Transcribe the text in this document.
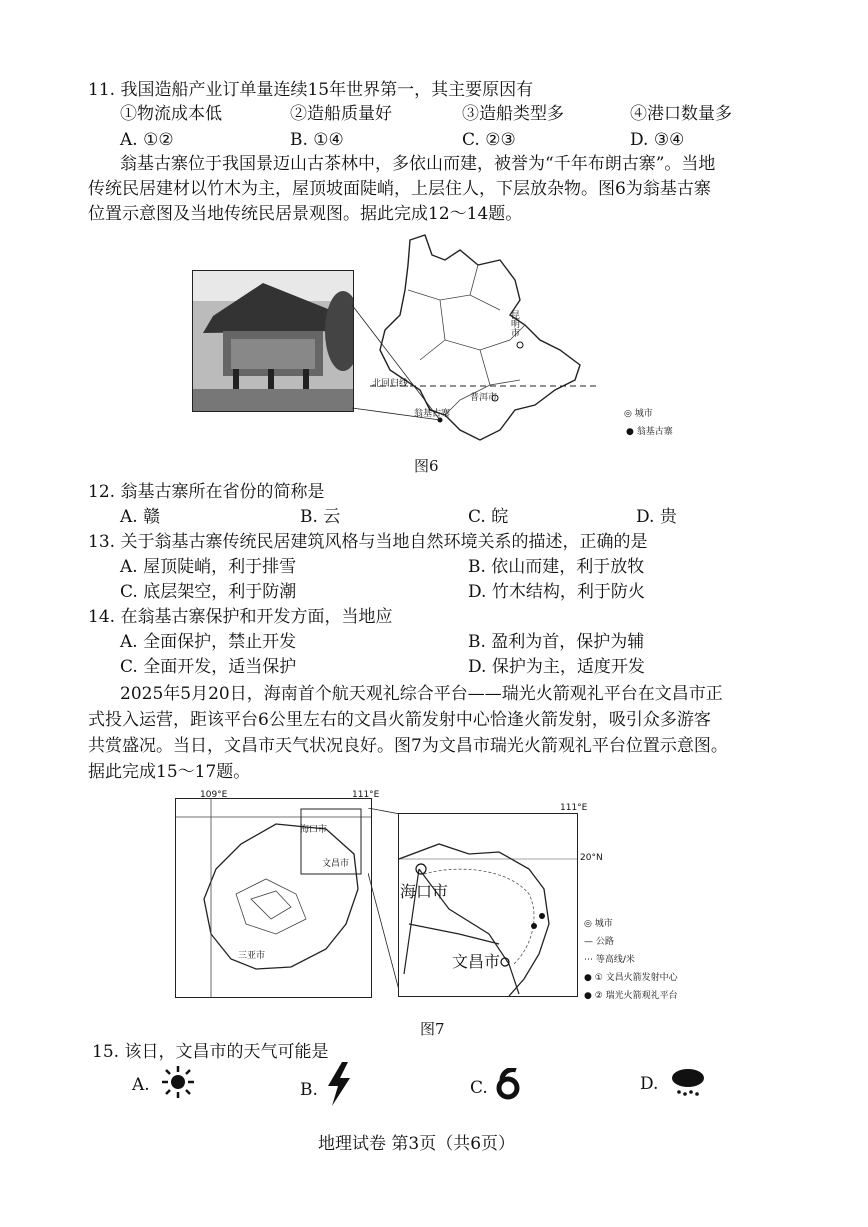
11. 我国造船产业订单量连续15年世界第一，其主要原因有
①物流成本低	②造船质量好	③造船类型多	④港口数量多
A. ①②	B. ①④	C. ②③	D. ③④
翁基古寨位于我国景迈山古茶林中，多依山而建，被誉为“千年布朗古寨”。当地
传统民居建材以竹木为主，屋顶坡面陡峭，上层住人，下层放杂物。图6为翁基古寨
位置示意图及当地传统民居景观图。据此完成12～14题。
昆明市
北回归线
普洱市
翁基古寨	◎ 城市
● 翁基古寨
图6
12. 翁基古寨所在省份的简称是
A. 赣	B. 云	C. 皖	D. 贵
13. 关于翁基古寨传统民居建筑风格与当地自然环境关系的描述，正确的是
A. 屋顶陡峭，利于排雪	B. 依山而建，利于放牧
C. 底层架空，利于防潮	D. 竹木结构，利于防火
14. 在翁基古寨保护和开发方面，当地应
A. 全面保护，禁止开发	B. 盈利为首，保护为辅
C. 全面开发，适当保护	D. 保护为主，适度开发
2025年5月20日，海南首个航天观礼综合平台——瑞光火箭观礼平台在文昌市正
式投入运营，距该平台6公里左右的文昌火箭发射中心恰逢火箭发射，吸引众多游客
共赏盛况。当日，文昌市天气状况良好。图7为文昌市瑞光火箭观礼平台位置示意图。
据此完成15～17题。
109°E	111°E
海口市
文昌市
三亚市
111°E
20°N
海口市
文昌市
◎ 城市
— 公路
⋯ 等高线/米
● ① 文昌火箭发射中心
● ② 瑞光火箭观礼平台
图7
15. 该日，文昌市的天气可能是
A.	B.	C.	D.
地理试卷 第3页（共6页）
